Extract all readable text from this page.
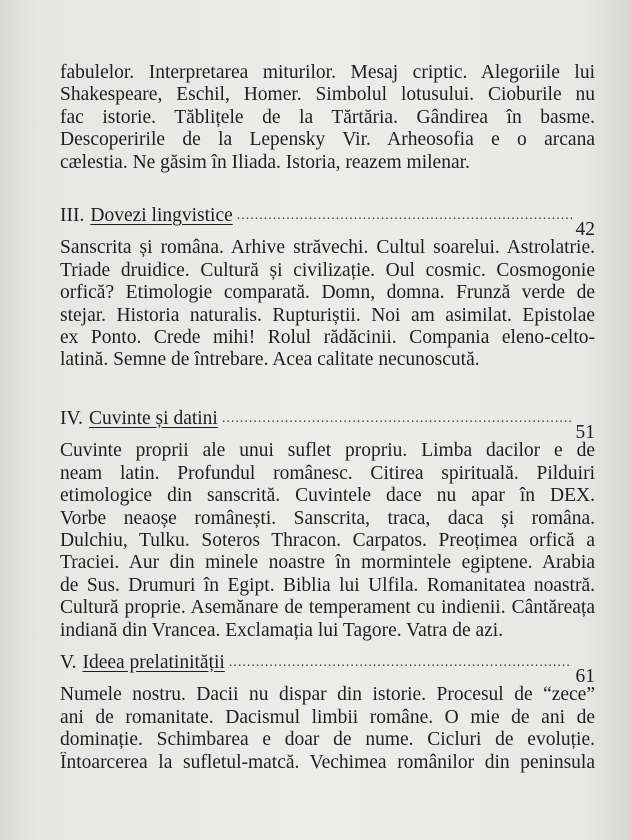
fabulelor. Interpretarea miturilor. Mesaj criptic. Alegoriile lui
Shakespeare, Eschil, Homer. Simbolul lotusului. Cioburile nu
fac istorie. Tăblițele de la Tărtăria. Gândirea în basme.
Descoperirile de la Lepensky Vir. Arheosofia e o arcana
cælestia. Ne găsim în Iliada. Istoria, reazem milenar.
III. Dovezi lingvistice
.....
42
Sanscrita și româna. Arhive străvechi. Cultul soarelui. Astrolatrie.
Triade druidice. Cultură și civilizație. Oul cosmic. Cosmogonie
orfică? Etimologie comparată. Domn, domna. Frunză verde de
stejar. Historia naturalis. Rupturiștii. Noi am asimilat. Epistolae
ex Ponto. Crede mihi! Rolul rădăcinii. Compania eleno-celto-
latină. Semne de întrebare. Acea calitate necunoscută.
IV. Cuvinte și datini
.....
51
Cuvinte proprii ale unui suflet propriu. Limba dacilor e de
neam latin. Profundul românesc. Citirea spirituală. Pilduiri
etimologice din sanscrită. Cuvintele dace nu apar în DEX.
Vorbe neaoșe românești. Sanscrita, traca, daca și româna.
Dulchiu, Tulku. Soteros Thracon. Carpatos. Preoțimea orfică a
Traciei. Aur din minele noastre în mormintele egiptene. Arabia
de Sus. Drumuri în Egipt. Biblia lui Ulfila. Romanitatea noastră.
Cultură proprie. Asemănare de temperament cu indienii. Cântăreața
indiană din Vrancea. Exclamația lui Tagore. Vatra de azi.
V. Ideea prelatinității
.....
61
Numele nostru. Dacii nu dispar din istorie. Procesul de “zece”
ani de romanitate. Dacismul limbii române. O mie de ani de
dominație. Schimbarea e doar de nume. Cicluri de evoluție.
Întoarcerea la sufletul-matcă. Vechimea românilor din peninsula
